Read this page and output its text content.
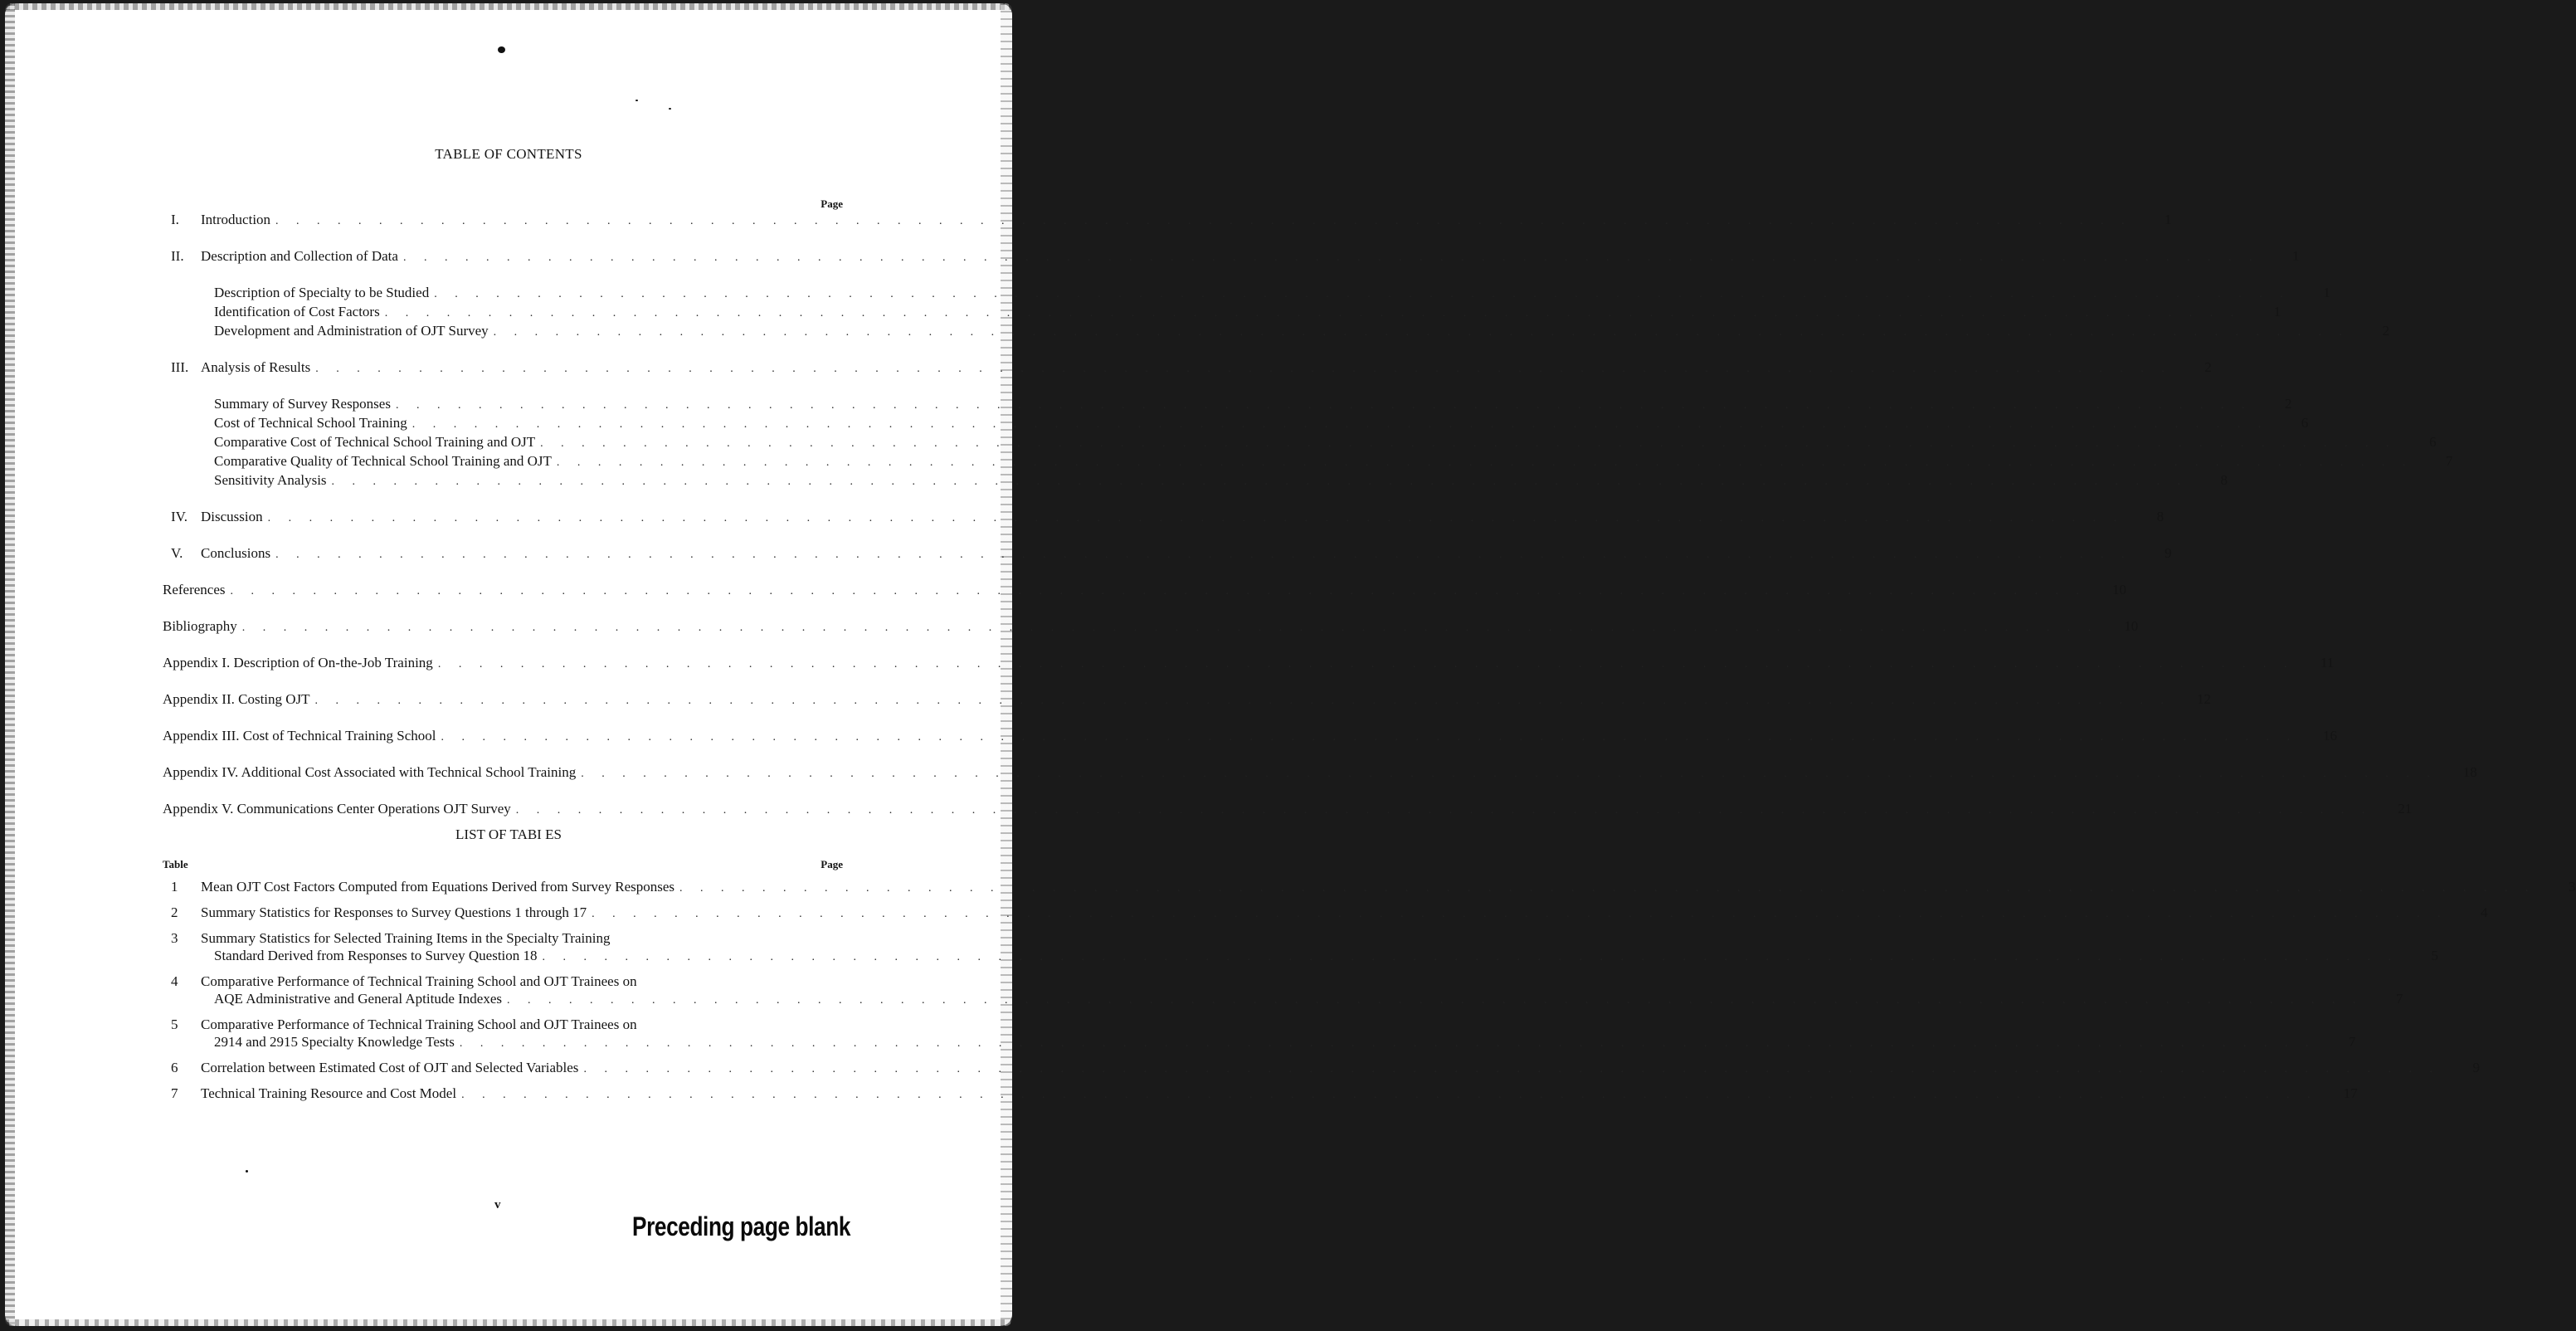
TABLE OF CONTENTS
Page
I.	Introduction . . . . . . . . . . . . . . . . . . . . . . . . . . . . . . . . . . . . . . . . . . . . . . . . . . . . . . . . . . . . . . . . . . . . . . . . . . . . . . . . . . . . . . . . . .	1
II.	Description and Collection of Data . . . . . . . . . . . . . . . . . . . . . . . . . . . . . . . . . . . . . . . . . . . . . . . . . . . . . . . . . . . . . . . . . . . . . . . . . . . . . . . . . . . . . . . . . .	1
Description of Specialty to be Studied . . . . . . . . . . . . . . . . . . . . . . . . . . . . . . . . . . . . . . . . . . . . . . . . . . . . . . . . . . . . . . . . . . . . . . . . . . . . . . . . . . . . . . . . . .	1
Identification of Cost Factors . . . . . . . . . . . . . . . . . . . . . . . . . . . . . . . . . . . . . . . . . . . . . . . . . . . . . . . . . . . . . . . . . . . . . . . . . . . . . . . . . . . . . . . . . .	1
Development and Administration of OJT Survey . . . . . . . . . . . . . . . . . . . . . . . . . . . . . . . . . . . . . . . . . . . . . . . . . . . . . . . . . . . . . . . . . . . . . . . . . . . . . . . . . . . . . . . . . .	2
III. Analysis of Results . . . . . . . . . . . . . . . . . . . . . . . . . . . . . . . . . . . . . . . . . . . . . . . . . . . . . . . . . . . . . . . . . . . . . . . . . . . . . . . . . . . . . . . . . .	2
Summary of Survey Responses . . . . . . . . . . . . . . . . . . . . . . . . . . . . . . . . . . . . . . . . . . . . . . . . . . . . . . . . . . . . . . . . . . . . . . . . . . . . . . . . . . . . . . . . . .	2
Cost of Technical School Training . . . . . . . . . . . . . . . . . . . . . . . . . . . . . . . . . . . . . . . . . . . . . . . . . . . . . . . . . . . . . . . . . . . . . . . . . . . . . . . . . . . . . . . . . .	6
Comparative Cost of Technical School Training and OJT . . . . . . . . . . . . . . . . . . . . . . . . . . . . . . . . . . . . . . . . . . . . . . . . . . . . . . . . . . . . . . . . . . . . . . . . . . . . . . . . . . . . . . . . . .	6
Comparative Quality of Technical School Training and OJT . . . . . . . . . . . . . . . . . . . . . . . . . . . . . . . . . . . . . . . . . . . . . . . . . . . . . . . . . . . . . . . . . . . . . . . . . . . . . . . . . . . . . . . . . .	7
Sensitivity Analysis . . . . . . . . . . . . . . . . . . . . . . . . . . . . . . . . . . . . . . . . . . . . . . . . . . . . . . . . . . . . . . . . . . . . . . . . . . . . . . . . . . . . . . . . . .	8
IV. Discussion . . . . . . . . . . . . . . . . . . . . . . . . . . . . . . . . . . . . . . . . . . . . . . . . . . . . . . . . . . . . . . . . . . . . . . . . . . . . . . . . . . . . . . . . . .	8
V.	Conclusions . . . . . . . . . . . . . . . . . . . . . . . . . . . . . . . . . . . . . . . . . . . . . . . . . . . . . . . . . . . . . . . . . . . . . . . . . . . . . . . . . . . . . . . . . .	9
References . . . . . . . . . . . . . . . . . . . . . . . . . . . . . . . . . . . . . . . . . . . . . . . . . . . . . . . . . . . . . . . . . . . . . . . . . . . . . . . . . . . . . . . . . .	10
Bibliography . . . . . . . . . . . . . . . . . . . . . . . . . . . . . . . . . . . . . . . . . . . . . . . . . . . . . . . . . . . . . . . . . . . . . . . . . . . . . . . . . . . . . . . . . .	10
Appendix I. Description of On-the-Job Training . . . . . . . . . . . . . . . . . . . . . . . . . . . . . . . . . . . . . . . . . . . . . . . . . . . . . . . . . . . . . . . . . . . . . . . . . . . . . . . . . . . . . . . . . .	11
Appendix II. Costing OJT . . . . . . . . . . . . . . . . . . . . . . . . . . . . . . . . . . . . . . . . . . . . . . . . . . . . . . . . . . . . . . . . . . . . . . . . . . . . . . . . . . . . . . . . . .	12
Appendix III. Cost of Technical Training School . . . . . . . . . . . . . . . . . . . . . . . . . . . . . . . . . . . . . . . . . . . . . . . . . . . . . . . . . . . . . . . . . . . . . . . . . . . . . . . . . . . . . . . . . .	16
Appendix IV. Additional Cost Associated with Technical School Training . . . . . . . . . . . . . . . . . . . . . . . . . . . . . . . . . . . . . . . . . . . . . . . . . . . . . . . . . . . . . . . . . . . . . . . . . . . . . . . . . . . . . . . . . .	18
Appendix V. Communications Center Operations OJT Survey . . . . . . . . . . . . . . . . . . . . . . . . . . . . . . . . . . . . . . . . . . . . . . . . . . . . . . . . . . . . . . . . . . . . . . . . . . . . . . . . . . . . . . . . . .	21
LIST OF TABI ES
Table	Page
1	Mean OJT Cost Factors Computed from Equations Derived from Survey Responses . . . . . . . . . . . . . . . . . . . . . . . . . . . . . . . . . . . . . . . . . . . . . . . . . . . . . . . . . . . . . . . . . . . . . . . . . . . . . . . . . . . . . . . . . .	3
2	Summary Statistics for Responses to Survey Questions 1 through 17 . . . . . . . . . . . . . . . . . . . . . . . . . . . . . . . . . . . . . . . . . . . . . . . . . . . . . . . . . . . . . . . . . . . . . . . . . . . . . . . . . . . . . . . . . .	4
3	Summary Statistics for Selected Training Items in the Specialty Training
Standard Derived from Responses to Survey Question 18 . . . . . . . . . . . . . . . . . . . . . . . . . . . . . . . . . . . . . . . . . . . . . . . . . . . . . . . . . . . . . . . . . . . . . . . . . . . . . . . . . . . . . . . . . .	5
4	Comparative Performance of Technical Training School and OJT Trainees on
AQE Administrative and General Aptitude Indexes . . . . . . . . . . . . . . . . . . . . . . . . . . . . . . . . . . . . . . . . . . . . . . . . . . . . . . . . . . . . . . . . . . . . . . . . . . . . . . . . . . . . . . . . . .	7
5	Comparative Performance of Technical Training School and OJT Trainees on
2914 and 2915 Specialty Knowledge Tests . . . . . . . . . . . . . . . . . . . . . . . . . . . . . . . . . . . . . . . . . . . . . . . . . . . . . . . . . . . . . . . . . . . . . . . . . . . . . . . . . . . . . . . . . .	7
6	Correlation between Estimated Cost of OJT and Selected Variables . . . . . . . . . . . . . . . . . . . . . . . . . . . . . . . . . . . . . . . . . . . . . . . . . . . . . . . . . . . . . . . . . . . . . . . . . . . . . . . . . . . . . . . . . .	9
7	Technical Training Resource and Cost Model . . . . . . . . . . . . . . . . . . . . . . . . . . . . . . . . . . . . . . . . . . . . . . . . . . . . . . . . . . . . . . . . . . . . . . . . . . . . . . . . . . . . . . . . . .	17
v
Preceding page blank
